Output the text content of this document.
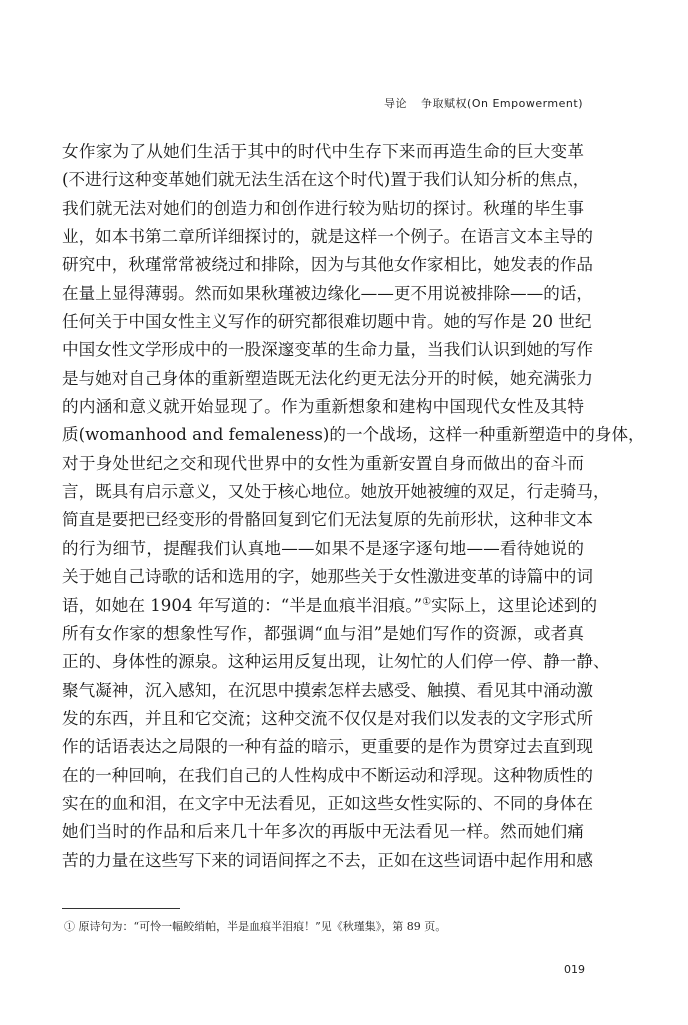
导论 争取赋权(On Empowerment)
女作家为了从她们生活于其中的时代中生存下来而再造生命的巨大变革
(不进行这种变革她们就无法生活在这个时代)置于我们认知分析的焦点，
我们就无法对她们的创造力和创作进行较为贴切的探讨。秋瑾的毕生事
业，如本书第二章所详细探讨的，就是这样一个例子。在语言文本主导的
研究中，秋瑾常常被绕过和排除，因为与其他女作家相比，她发表的作品
在量上显得薄弱。然而如果秋瑾被边缘化——更不用说被排除——的话，
任何关于中国女性主义写作的研究都很难切题中肯。她的写作是 20 世纪
中国女性文学形成中的一股深邃变革的生命力量，当我们认识到她的写作
是与她对自己身体的重新塑造既无法化约更无法分开的时候，她充满张力
的内涵和意义就开始显现了。作为重新想象和建构中国现代女性及其特
质(womanhood and femaleness)的一个战场，这样一种重新塑造中的身体，
对于身处世纪之交和现代世界中的女性为重新安置自身而做出的奋斗而
言，既具有启示意义，又处于核心地位。她放开她被缠的双足，行走骑马，
简直是要把已经变形的骨骼回复到它们无法复原的先前形状，这种非文本
的行为细节，提醒我们认真地——如果不是逐字逐句地——看待她说的
关于她自己诗歌的话和选用的字，她那些关于女性激进变革的诗篇中的词
语，如她在 1904 年写道的：“半是血痕半泪痕。”①实际上，这里论述到的
所有女作家的想象性写作，都强调“血与泪”是她们写作的资源，或者真
正的、身体性的源泉。这种运用反复出现，让匆忙的人们停一停、静一静、
聚气凝神，沉入感知，在沉思中摸索怎样去感受、触摸、看见其中涌动激
发的东西，并且和它交流；这种交流不仅仅是对我们以发表的文字形式所
作的话语表达之局限的一种有益的暗示，更重要的是作为贯穿过去直到现
在的一种回响，在我们自己的人性构成中不断运动和浮现。这种物质性的
实在的血和泪，在文字中无法看见，正如这些女性实际的、不同的身体在
她们当时的作品和后来几十年多次的再版中无法看见一样。然而她们痛
苦的力量在这些写下来的词语间挥之不去，正如在这些词语中起作用和感
① 原诗句为：“可怜一幅鲛绡帕，半是血痕半泪痕！”见《秋瑾集》，第 89 页。
019
